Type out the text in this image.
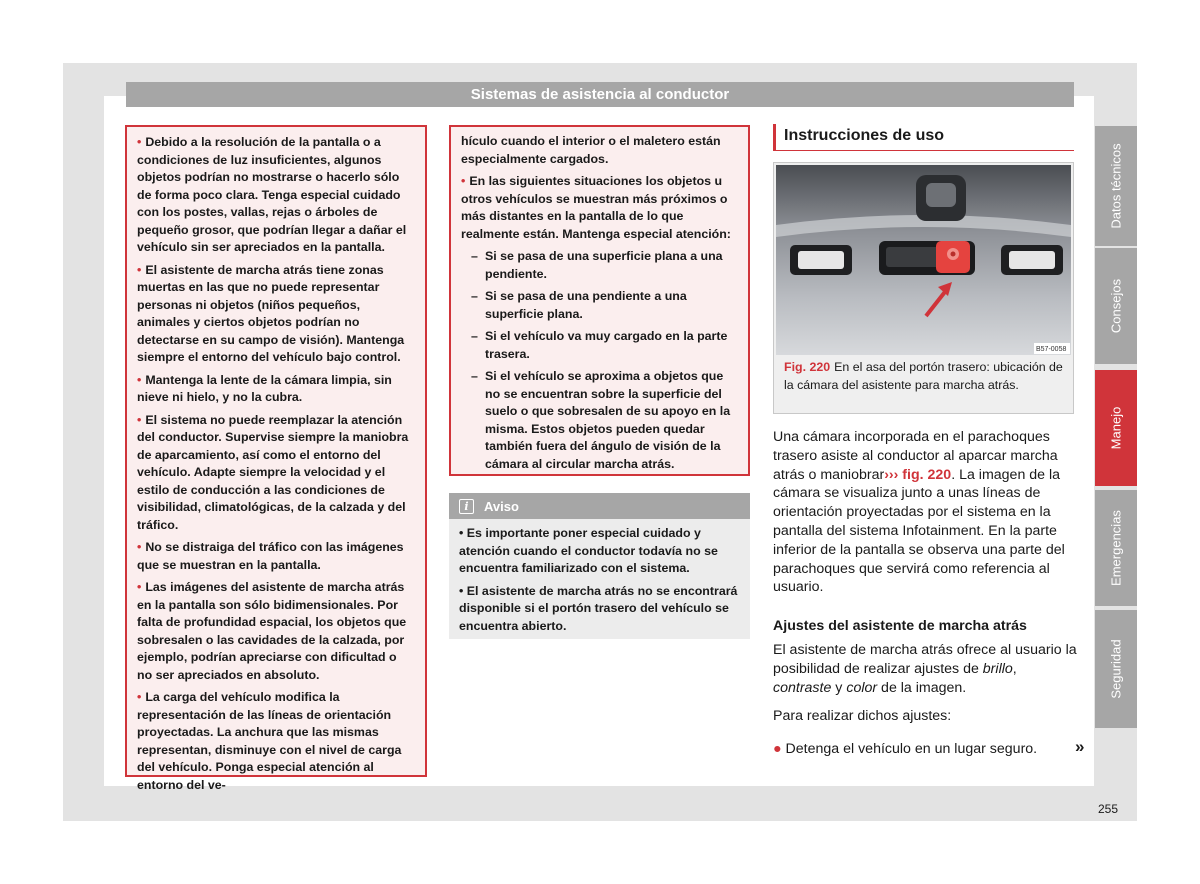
Sistemas de asistencia al conductor

• Debido a la resolución de la pantalla o a condiciones de luz insuficientes, algunos objetos podrían no mostrarse o hacerlo sólo de forma poco clara. Tenga especial cuidado con los postes, vallas, rejas o árboles de pequeño grosor, que podrían llegar a dañar el vehículo sin ser apreciados en la pantalla.

• El asistente de marcha atrás tiene zonas muertas en las que no puede representar personas ni objetos (niños pequeños, animales y ciertos objetos podrían no detectarse en su campo de visión). Mantenga siempre el entorno del vehículo bajo control.

• Mantenga la lente de la cámara limpia, sin nieve ni hielo, y no la cubra.

• El sistema no puede reemplazar la atención del conductor. Supervise siempre la maniobra de aparcamiento, así como el entorno del vehículo. Adapte siempre la velocidad y el estilo de conducción a las condiciones de visibilidad, climatológicas, de la calzada y del tráfico.

• No se distraiga del tráfico con las imágenes que se muestran en la pantalla.

• Las imágenes del asistente de marcha atrás en la pantalla son sólo bidimensionales. Por falta de profundidad espacial, los objetos que sobresalen o las cavidades de la calzada, por ejemplo, podrían apreciarse con dificultad o no ser apreciados en absoluto.

• La carga del vehículo modifica la representación de las líneas de orientación proyectadas. La anchura que las mismas representan, disminuye con el nivel de carga del vehículo. Ponga especial atención al entorno del ve-

hículo cuando el interior o el maletero están especialmente cargados.

• En las siguientes situaciones los objetos u otros vehículos se muestran más próximos o más distantes en la pantalla de lo que realmente están. Mantenga especial atención:

– Si se pasa de una superficie plana a una pendiente.
– Si se pasa de una pendiente a una superficie plana.
– Si el vehículo va muy cargado en la parte trasera.
– Si el vehículo se aproxima a objetos que no se encuentran sobre la superficie del suelo o que sobresalen de su apoyo en la misma. Estos objetos pueden quedar también fuera del ángulo de visión de la cámara al circular marcha atrás.
i	Aviso

• Es importante poner especial cuidado y atención cuando el conductor todavía no se encuentra familiarizado con el sistema.

• El asistente de marcha atrás no se encontrará disponible si el portón trasero del vehículo se encuentra abierto.

Instrucciones de uso
B57-0058
Fig. 220 En el asa del portón trasero: ubicación de la cámara del asistente para marcha atrás.

Una cámara incorporada en el parachoques trasero asiste al conductor al aparcar marcha atrás o maniobrar››› fig. 220. La imagen de la cámara se visualiza junto a unas líneas de orientación proyectadas por el sistema en la pantalla del sistema Infotainment. En la parte inferior de la pantalla se observa una parte del parachoques que servirá como referencia al usuario.

Ajustes del asistente de marcha atrás

El asistente de marcha atrás ofrece al usuario la posibilidad de realizar ajustes de brillo, contraste y color de la imagen.

Para realizar dichos ajustes:
● Detenga el vehículo en un lugar seguro.	»
Datos técnicos
Consejos
Manejo
Emergencias
Seguridad
255
